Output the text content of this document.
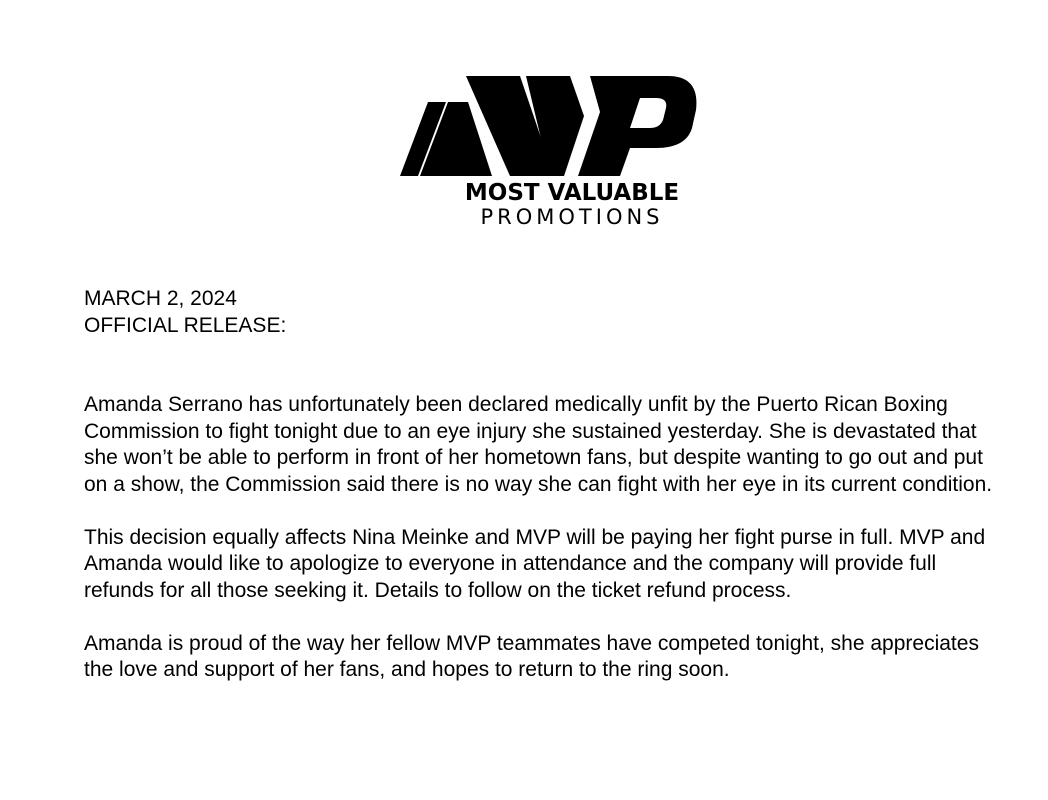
MOST VALUABLE
PROMOTIONS
MARCH 2, 2024
OFFICIAL RELEASE:

Amanda Serrano has unfortunately been declared medically unfit by the Puerto Rican Boxing Commission to fight tonight due to an eye injury she sustained yesterday. She is devastated that she won’t be able to perform in front of her hometown fans, but despite wanting to go out and put on a show, the Commission said there is no way she can fight with her eye in its current condition.

This decision equally affects Nina Meinke and MVP will be paying her fight purse in full. MVP and Amanda would like to apologize to everyone in attendance and the company will provide full refunds for all those seeking it. Details to follow on the ticket refund process.

Amanda is proud of the way her fellow MVP teammates have competed tonight, she appreciates the love and support of her fans, and hopes to return to the ring soon.
